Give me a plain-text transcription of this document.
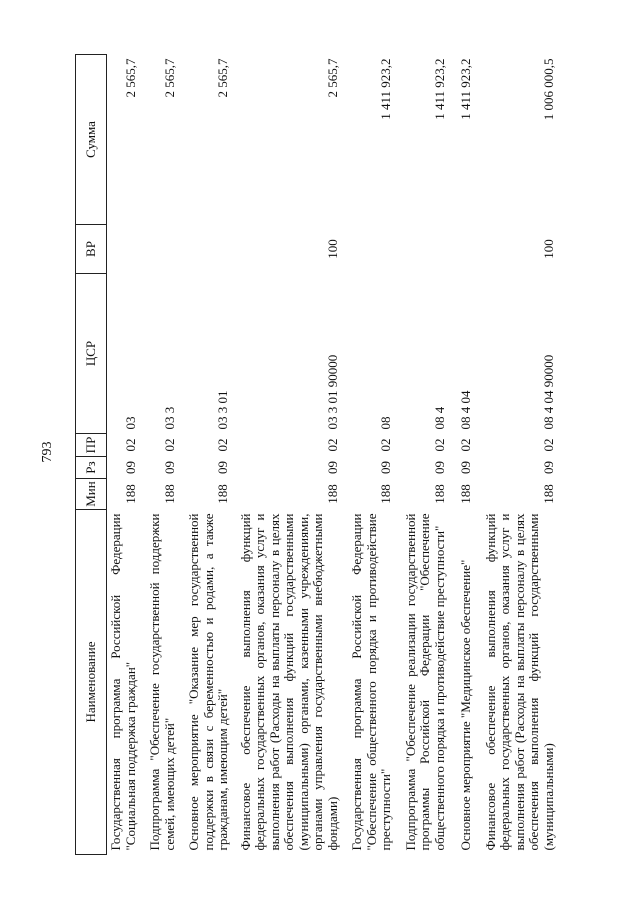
793
Наименование	Мин	Рз	ПР	ЦСР	ВР	Сумма
Государственная программа Российской Федерации "Социальная поддержка граждан"	188	09	02	03		2 565,7
Подпрограмма "Обеспечение государственной поддержки семей, имеющих детей"	188	09	02	03 3		2 565,7
Основное мероприятие "Оказание мер государственной поддержки в связи с беременностью и родами, а также гражданам, имеющим детей"	188	09	02	03 3 01		2 565,7
Финансовое обеспечение выполнения функций федеральных государственных органов, оказания услуг и выполнения работ (Расходы на выплаты персоналу в целях обеспечения выполнения функций государственными (муниципальными) органами, казенными учреждениями, органами управления государственными внебюджетными фондами)	188	09	02	03 3 01 90000	100	2 565,7
Государственная программа Российской Федерации "Обеспечение общественного порядка и противодействие преступности"	188	09	02	08		1 411 923,2
Подпрограмма "Обеспечение реализации государственной программы Российской Федерации "Обеспечение общественного порядка и противодействие преступности"	188	09	02	08 4		1 411 923,2
Основное мероприятие "Медицинское обеспечение"	188	09	02	08 4 04		1 411 923,2
Финансовое обеспечение выполнения функций федеральных государственных органов, оказания услуг и выполнения работ (Расходы на выплаты персоналу в целях обеспечения выполнения функций государственными (муниципальными)	188	09	02	08 4 04 90000	100	1 006 000,5
